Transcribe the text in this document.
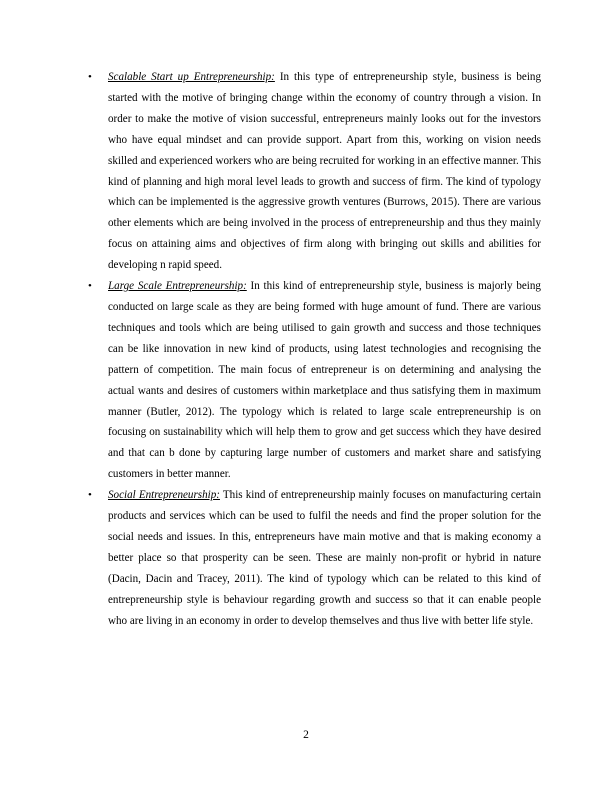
• Scalable Start up Entrepreneurship: In this type of entrepreneurship style, business is being started with the motive of bringing change within the economy of country through a vision. In order to make the motive of vision successful, entrepreneurs mainly looks out for the investors who have equal mindset and can provide support. Apart from this, working on vision needs skilled and experienced workers who are being recruited for working in an effective manner. This kind of planning and high moral level leads to growth and success of firm. The kind of typology which can be implemented is the aggressive growth ventures (Burrows, 2015). There are various other elements which are being involved in the process of entrepreneurship and thus they mainly focus on attaining aims and objectives of firm along with bringing out skills and abilities for developing n rapid speed.
• Large Scale Entrepreneurship: In this kind of entrepreneurship style, business is majorly being conducted on large scale as they are being formed with huge amount of fund. There are various techniques and tools which are being utilised to gain growth and success and those techniques can be like innovation in new kind of products, using latest technologies and recognising the pattern of competition. The main focus of entrepreneur is on determining and analysing the actual wants and desires of customers within marketplace and thus satisfying them in maximum manner (Butler, 2012). The typology which is related to large scale entrepreneurship is on focusing on sustainability which will help them to grow and get success which they have desired and that can b done by capturing large number of customers and market share and satisfying customers in better manner.
• Social Entrepreneurship: This kind of entrepreneurship mainly focuses on manufacturing certain products and services which can be used to fulfil the needs and find the proper solution for the social needs and issues. In this, entrepreneurs have main motive and that is making economy a better place so that prosperity can be seen. These are mainly non-profit or hybrid in nature (Dacin, Dacin and Tracey, 2011). The kind of typology which can be related to this kind of entrepreneurship style is behaviour regarding growth and success so that it can enable people who are living in an economy in order to develop themselves and thus live with better life style.
2
